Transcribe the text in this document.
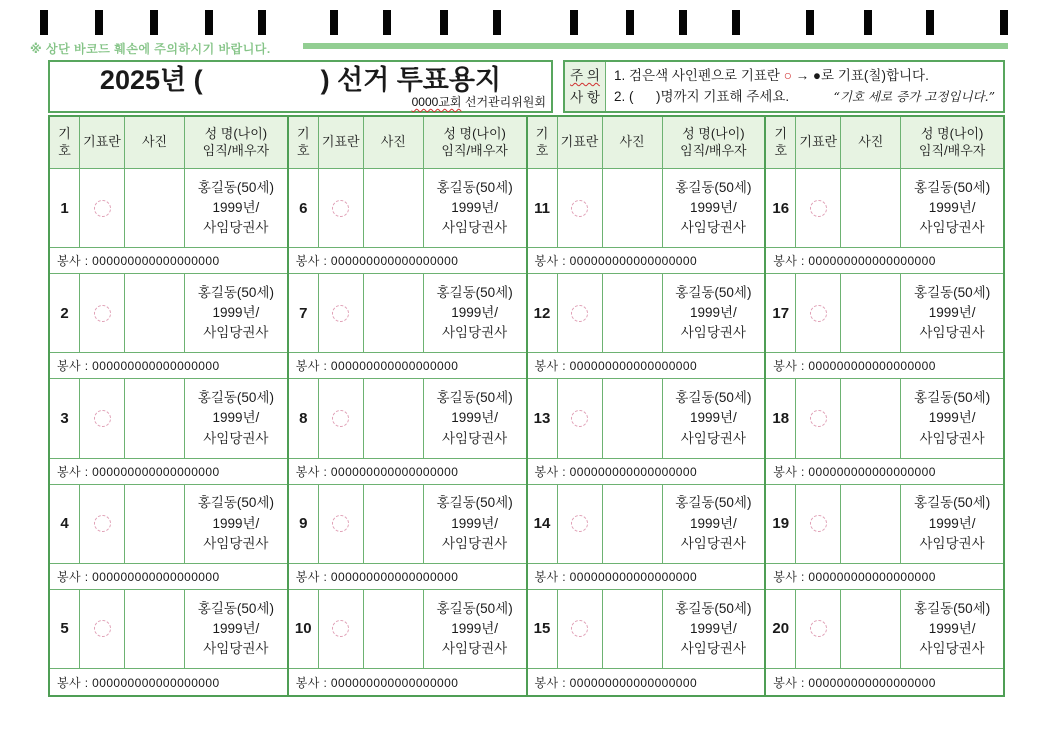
※ 상단 바코드 훼손에 주의하시기 바랍니다.
2025년 (	) 선거 투표용지
0000교회 선거관리위원회
주 의
사 항
1. 검은색 사인펜으로 기표란 ○ → ●로 기표(칠)합니다.
2. (      )명까지 기표해 주세요.	“기호 세로 증가 고정입니다.”
기
호
기표란 사진
성 명(나이)
임직/배우자
1
홍길동(50세)
1999년/
사임당권사
봉사 : 000000000000000000
2
홍길동(50세)
1999년/
사임당권사
봉사 : 000000000000000000
3
홍길동(50세)
1999년/
사임당권사
봉사 : 000000000000000000
4
홍길동(50세)
1999년/
사임당권사
봉사 : 000000000000000000
5
홍길동(50세)
1999년/
사임당권사
봉사 : 000000000000000000
기
호
기표란 사진
성 명(나이)
임직/배우자
6
홍길동(50세)
1999년/
사임당권사
봉사 : 000000000000000000
7
홍길동(50세)
1999년/
사임당권사
봉사 : 000000000000000000
8
홍길동(50세)
1999년/
사임당권사
봉사 : 000000000000000000
9
홍길동(50세)
1999년/
사임당권사
봉사 : 000000000000000000
10
홍길동(50세)
1999년/
사임당권사
봉사 : 000000000000000000
기
호
기표란 사진
성 명(나이)
임직/배우자
11
홍길동(50세)
1999년/
사임당권사
봉사 : 000000000000000000
12
홍길동(50세)
1999년/
사임당권사
봉사 : 000000000000000000
13
홍길동(50세)
1999년/
사임당권사
봉사 : 000000000000000000
14
홍길동(50세)
1999년/
사임당권사
봉사 : 000000000000000000
15
홍길동(50세)
1999년/
사임당권사
봉사 : 000000000000000000
기
호
기표란 사진
성 명(나이)
임직/배우자
16
홍길동(50세)
1999년/
사임당권사
봉사 : 000000000000000000
17
홍길동(50세)
1999년/
사임당권사
봉사 : 000000000000000000
18
홍길동(50세)
1999년/
사임당권사
봉사 : 000000000000000000
19
홍길동(50세)
1999년/
사임당권사
봉사 : 000000000000000000
20
홍길동(50세)
1999년/
사임당권사
봉사 : 000000000000000000
